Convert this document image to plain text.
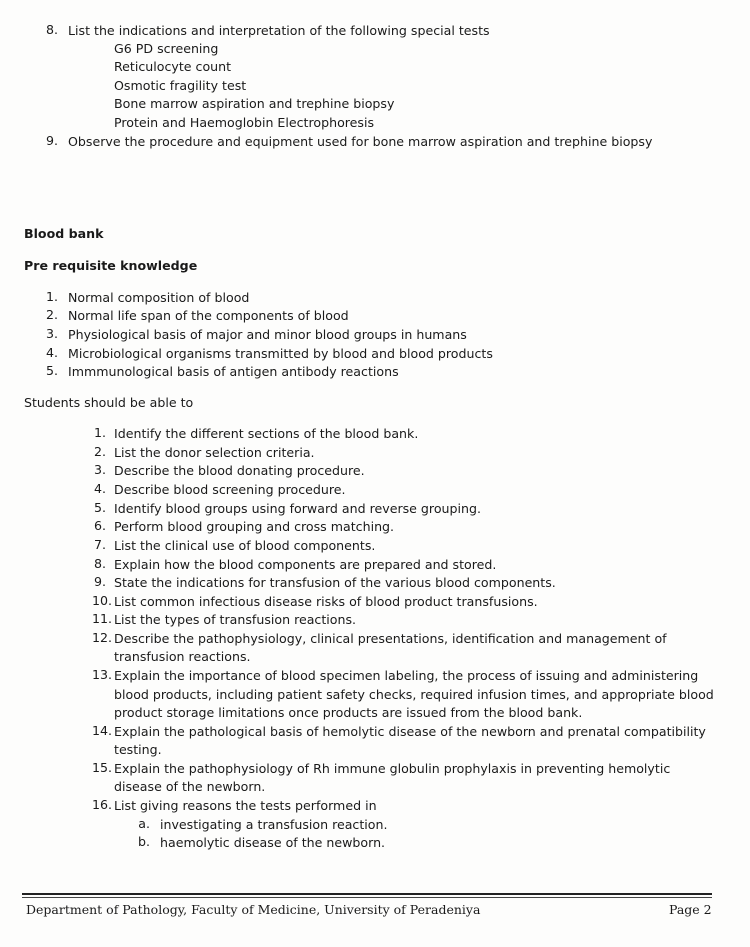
8. List the indications and interpretation of the following special tests
G6 PD screening
Reticulocyte count
Osmotic fragility test
Bone marrow aspiration and trephine biopsy
Protein and Haemoglobin Electrophoresis
9. Observe the procedure and equipment used for bone marrow aspiration and trephine biopsy
Blood bank
Pre requisite knowledge
1. Normal composition of blood
2. Normal life span of the components of blood
3. Physiological basis of major and minor blood groups in humans
4. Microbiological organisms transmitted by blood and blood products
5. Immmunological basis of antigen antibody reactions
Students should be able to
1. Identify the different sections of the blood bank.
2. List the donor selection criteria.
3. Describe the blood donating procedure.
4. Describe blood screening procedure.
5. Identify blood groups using forward and reverse grouping.
6. Perform blood grouping and cross matching.
7. List the clinical use of blood components.
8. Explain how the blood components are prepared and stored.
9. State the indications for transfusion of the various blood components.
10. List common infectious disease risks of blood product transfusions.
11. List the types of transfusion reactions.
12. Describe the pathophysiology, clinical presentations, identification and management of
transfusion reactions.
13. Explain the importance of blood specimen labeling, the process of issuing and administering
blood products, including patient safety checks, required infusion times, and appropriate blood
product storage limitations once products are issued from the blood bank.
14. Explain the pathological basis of hemolytic disease of the newborn and prenatal compatibility
testing.
15. Explain the pathophysiology of Rh immune globulin prophylaxis in preventing hemolytic
disease of the newborn.
16. List giving reasons the tests performed in
a. investigating a transfusion reaction.
b. haemolytic disease of the newborn.
Department of Pathology, Faculty of Medicine, University of Peradeniya	Page 2
